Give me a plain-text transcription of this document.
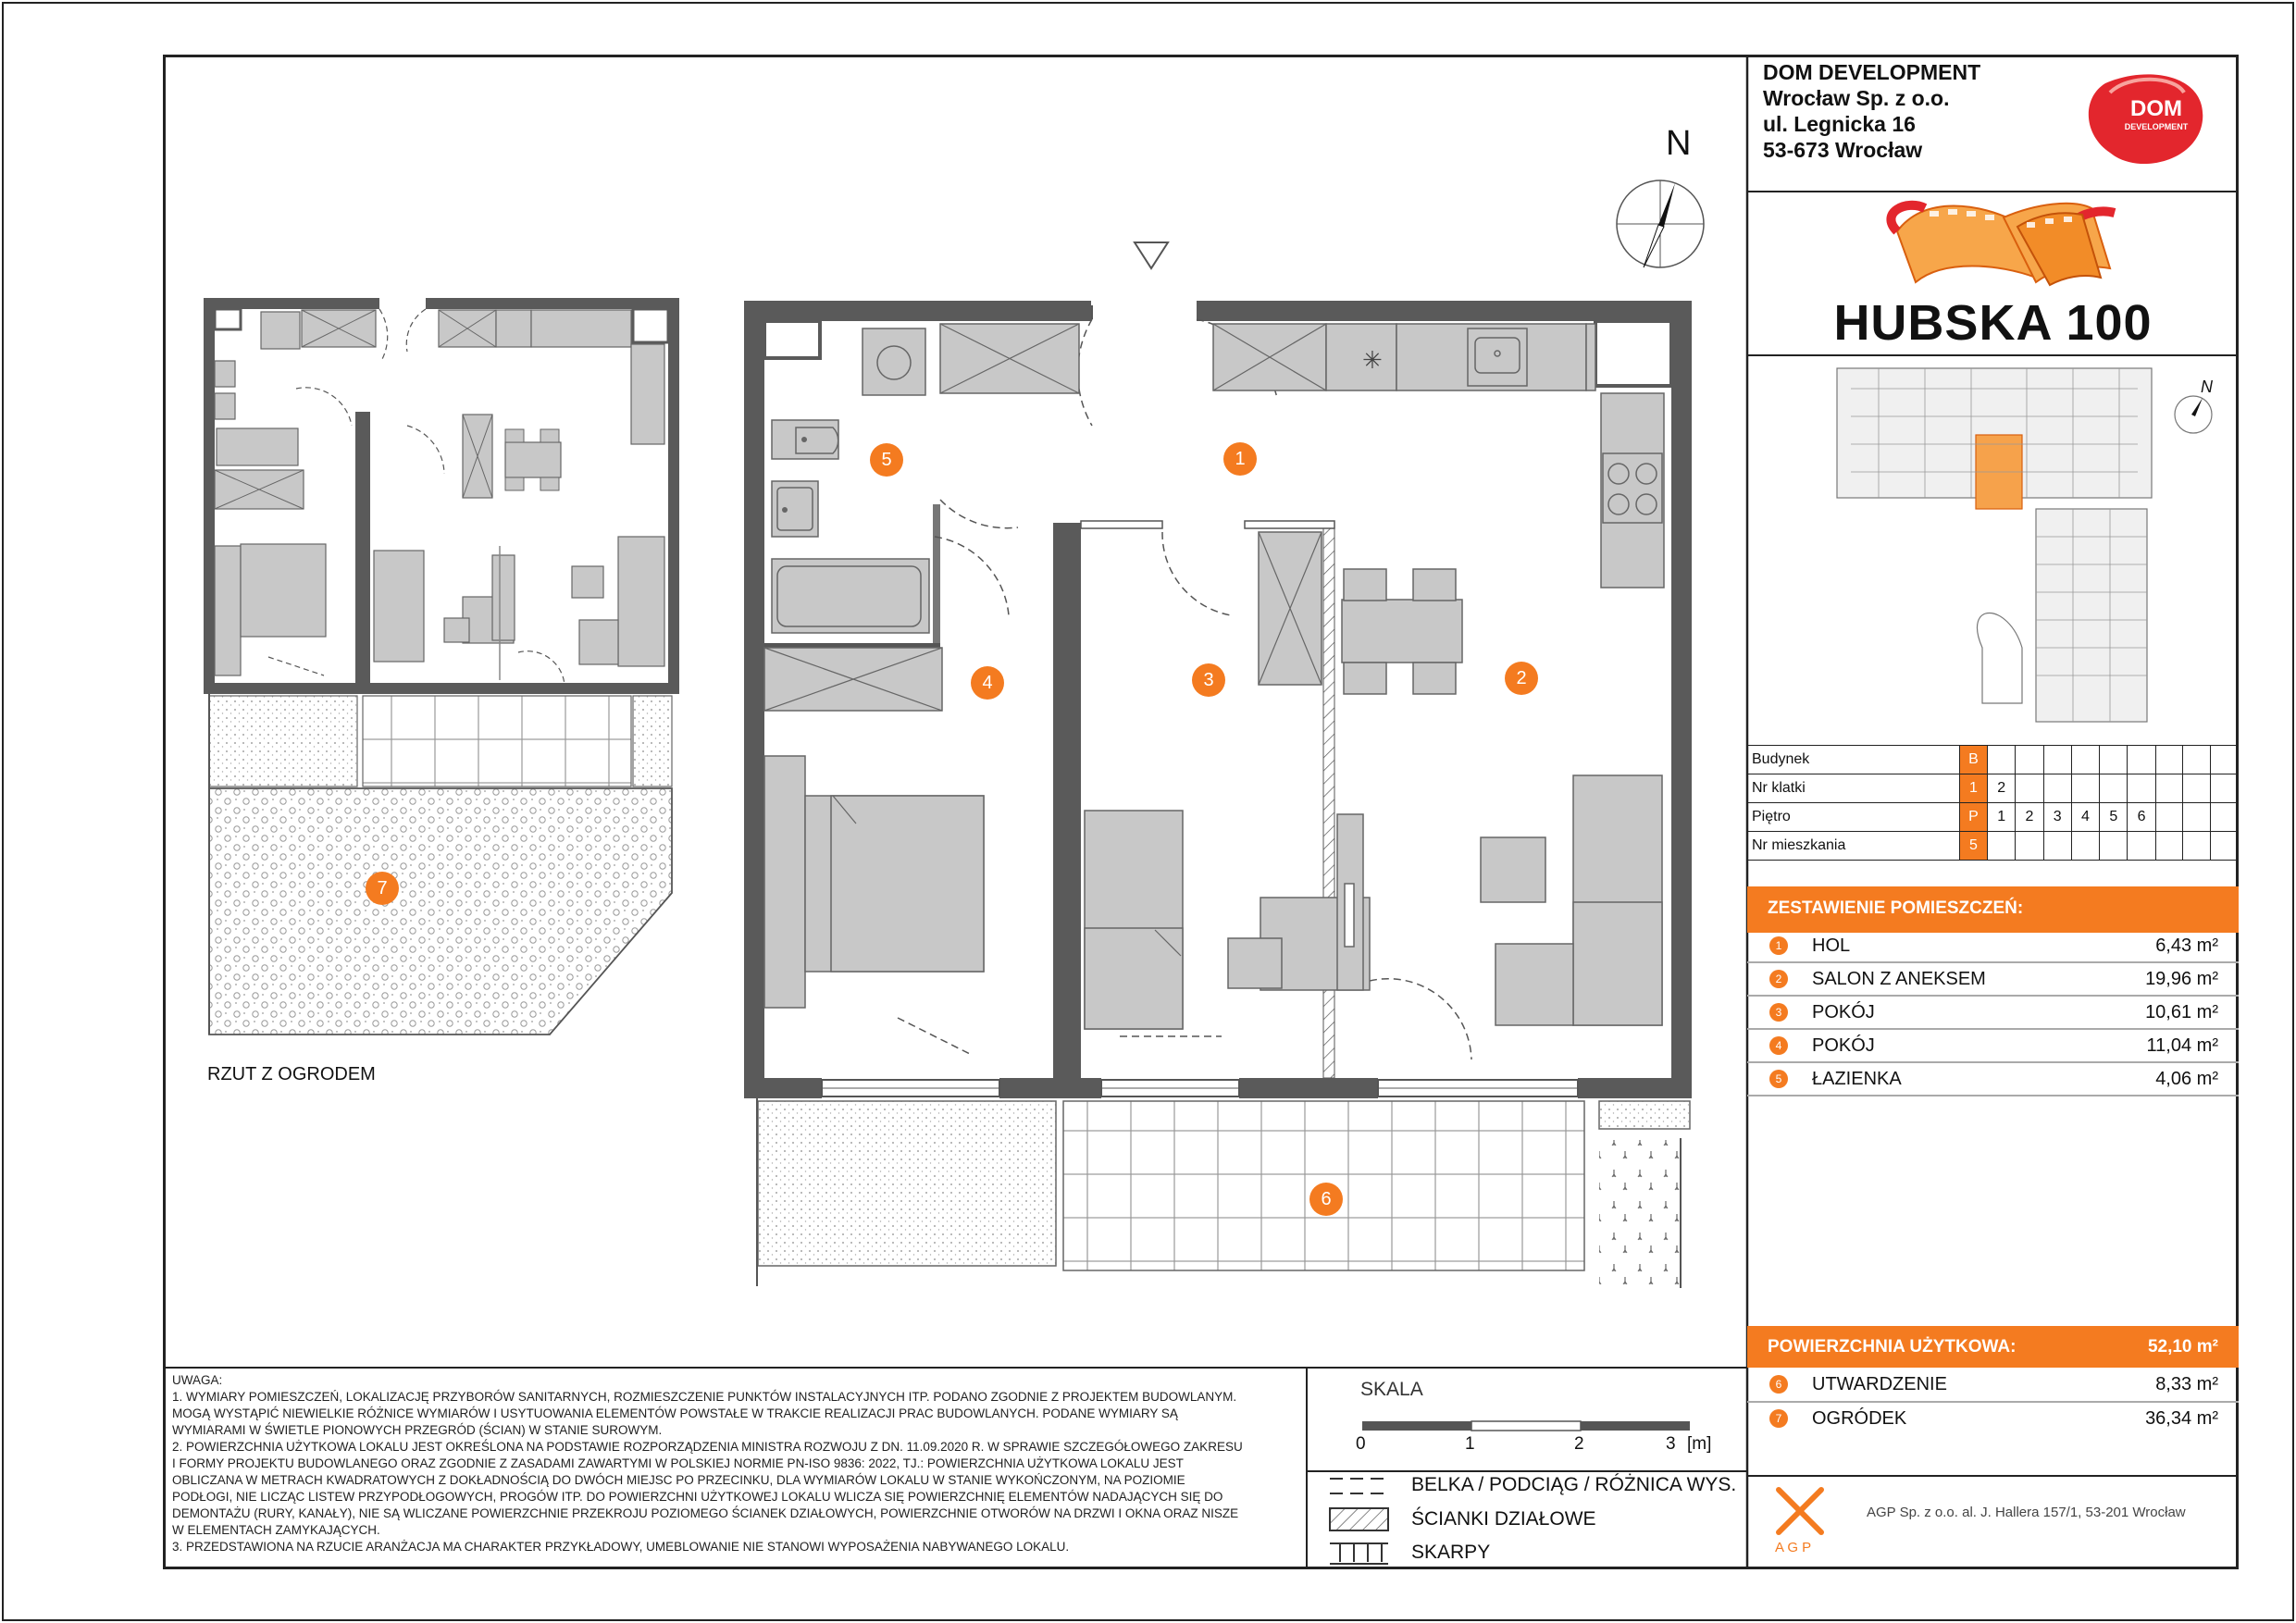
✳
DOM DEVELOPMENT
Wrocław Sp. z o.o.
ul. Legnicka 16
53-673 Wrocław
DOM
DEVELOPMENT
HUBSKA 100
N
N
1
2
3
4
5
6
7
RZUT Z OGRODEM
Budynek	B									
Nr klatki	1	2								
Piętro	P	1	2	3	4	5	6			
Nr mieszkania	5									
ZESTAWIENIE POMIESZCZEŃ:
1	HOL	6,43 m²
2	SALON Z ANEKSEM	19,96 m²
3	POKÓJ	10,61 m²
4	POKÓJ	11,04 m²
5	ŁAZIENKA	4,06 m²
POWIERZCHNIA UŻYTKOWA:	52,10 m²
6	UTWARDZENIE	8,33 m²
7	OGRÓDEK	36,34 m²
UWAGA:
1. WYMIARY POMIESZCZEŃ, LOKALIZACJĘ PRZYBORÓW SANITARNYCH, ROZMIESZCZENIE PUNKTÓW INSTALACYJNYCH ITP. PODANO ZGODNIE Z PROJEKTEM BUDOWLANYM.
MOGĄ WYSTĄPIĆ NIEWIELKIE RÓŻNICE WYMIARÓW I USYTUOWANIA ELEMENTÓW POWSTAŁE W TRAKCIE REALIZACJI PRAC BUDOWLANYCH. PODANE WYMIARY SĄ
WYMIARAMI W ŚWIETLE PIONOWYCH PRZEGRÓD (ŚCIAN) W STANIE SUROWYM.
2. POWIERZCHNIA UŻYTKOWA LOKALU JEST OKREŚLONA NA PODSTAWIE ROZPORZĄDZENIA MINISTRA ROZWOJU Z DN. 11.09.2020 R. W SPRAWIE SZCZEGÓŁOWEGO ZAKRESU
I FORMY PROJEKTU BUDOWLANEGO ORAZ ZGODNIE Z ZASADAMI ZAWARTYMI W POLSKIEJ NORMIE PN-ISO 9836: 2022, TJ.: POWIERZCHNIA UŻYTKOWA LOKALU JEST
OBLICZANA W METRACH KWADRATOWYCH Z DOKŁADNOŚCIĄ DO DWÓCH MIEJSC PO PRZECINKU, DLA WYMIARÓW LOKALU W STANIE WYKOŃCZONYM, NA POZIOMIE
PODŁOGI, NIE LICZĄC LISTEW PRZYPODŁOGOWYCH, PROGÓW ITP. DO POWIERZCHNI UŻYTKOWEJ LOKALU WLICZA SIĘ POWIERZCHNIĘ ELEMENTÓW NADAJĄCYCH SIĘ DO
DEMONTAŻU (RURY, KANAŁY), NIE SĄ WLICZANE POWIERZCHNIE PRZEKROJU POZIOMEGO ŚCIANEK DZIAŁOWYCH, POWIERZCHNIE OTWORÓW NA DRZWI I OKNA ORAZ NISZE
W ELEMENTACH ZAMYKAJĄCYCH.
3. PRZEDSTAWIONA NA RZUCIE ARANŻACJA MA CHARAKTER PRZYKŁADOWY, UMEBLOWANIE NIE STANOWI WYPOSAŻENIA NABYWANEGO LOKALU.
SKALA
0	1	2	3 [m]
BELKA / PODCIĄG / RÓŻNICA WYS.
ŚCIANKI DZIAŁOWE
SKARPY	A G P
AGP Sp. z o.o. al. J. Hallera 157/1, 53-201 Wrocław
